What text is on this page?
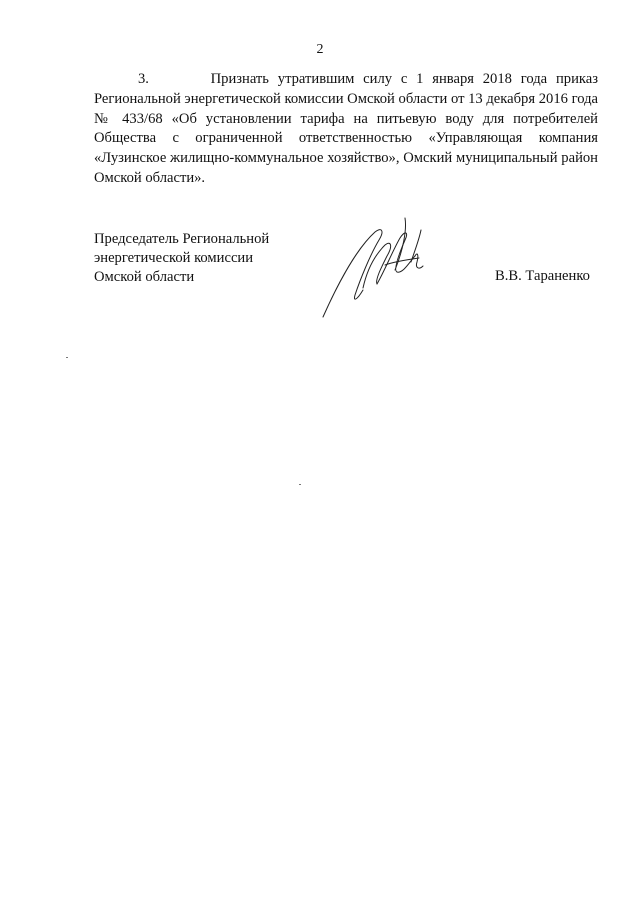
2

3.	Признать утратившим силу с 1 января 2018 года приказ Региональной энергетической комиссии Омской области от 13 декабря 2016 года № 433/68 «Об установлении тарифа на питьевую воду для потребителей Общества с ограниченной ответственностью «Управляющая компания «Лузинское жилищно-коммунальное хозяйство», Омский муниципальный район Омской области».

Председатель Региональной
энергетической комиссии
Омской области	В.В. Тараненко
